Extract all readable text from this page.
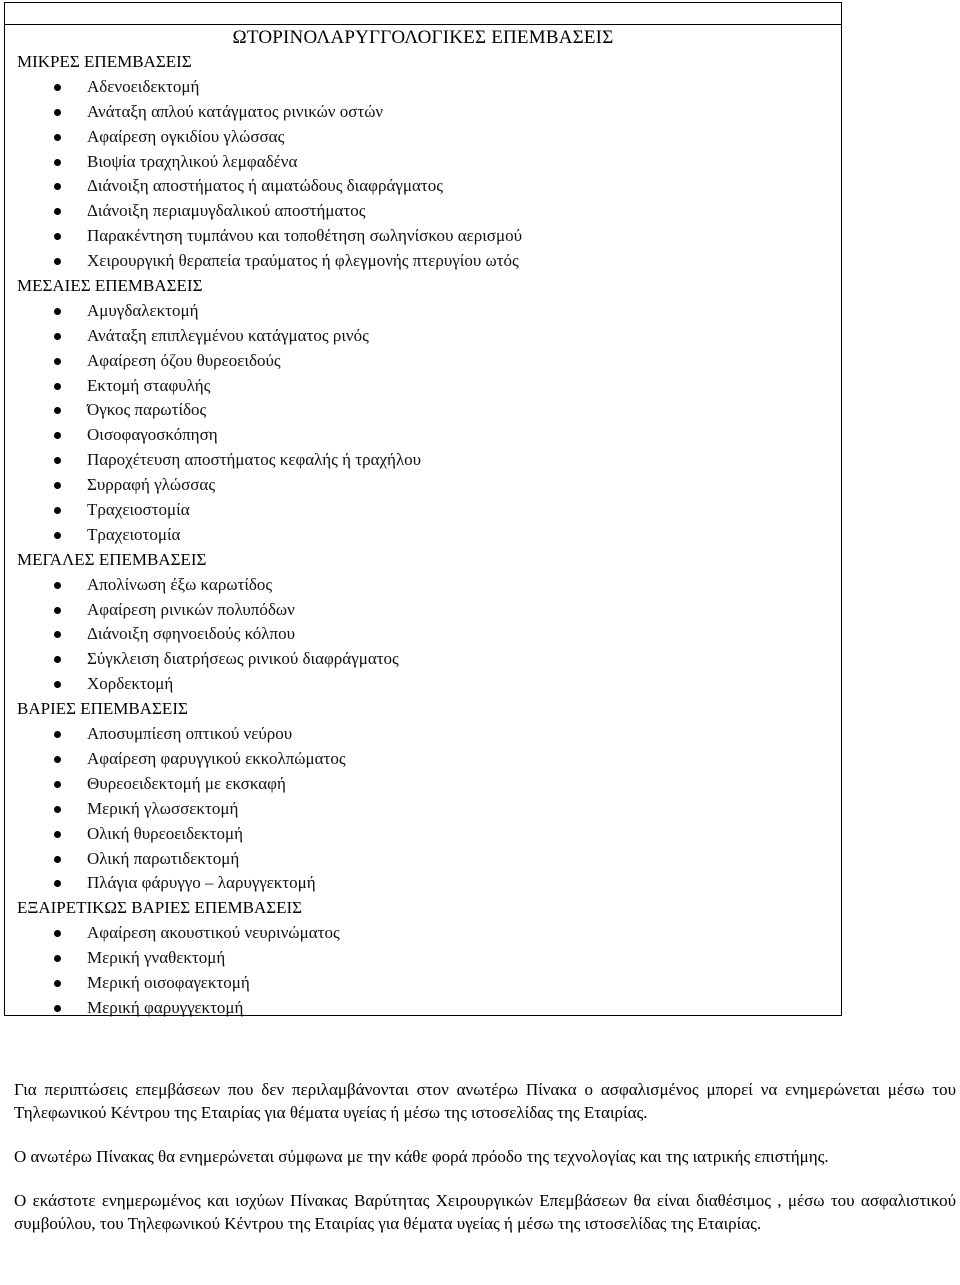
ΩΤΟΡΙΝΟΛΑΡΥΓΓΟΛΟΓΙΚΕΣ ΕΠΕΜΒΑΣΕΙΣ
ΜΙΚΡΕΣ ΕΠΕΜΒΑΣΕΙΣ
Αδενοειδεκτομή
Ανάταξη απλού κατάγματος ρινικών οστών
Αφαίρεση ογκιδίου γλώσσας
Βιοψία τραχηλικού λεμφαδένα
Διάνοιξη αποστήματος ή αιματώδους διαφράγματος
Διάνοιξη περιαμυγδαλικού αποστήματος
Παρακέντηση τυμπάνου και τοποθέτηση σωληνίσκου αερισμού
Χειρουργική θεραπεία τραύματος ή φλεγμονής πτερυγίου ωτός
ΜΕΣΑΙΕΣ ΕΠΕΜΒΑΣΕΙΣ
Αμυγδαλεκτομή
Ανάταξη επιπλεγμένου κατάγματος ρινός
Αφαίρεση όζου θυρεοειδούς
Εκτομή σταφυλής
Όγκος παρωτίδος
Οισοφαγοσκόπηση
Παροχέτευση αποστήματος κεφαλής ή τραχήλου
Συρραφή γλώσσας
Τραχειοστομία
Τραχειοτομία
ΜΕΓΑΛΕΣ ΕΠΕΜΒΑΣΕΙΣ
Απολίνωση έξω καρωτίδος
Αφαίρεση ρινικών πολυπόδων
Διάνοιξη σφηνοειδούς κόλπου
Σύγκλειση διατρήσεως ρινικού διαφράγματος
Χορδεκτομή
ΒΑΡΙΕΣ ΕΠΕΜΒΑΣΕΙΣ
Αποσυμπίεση οπτικού νεύρου
Αφαίρεση φαρυγγικού εκκολπώματος
Θυρεοειδεκτομή με εκσκαφή
Μερική γλωσσεκτομή
Ολική θυρεοειδεκτομή
Ολική παρωτιδεκτομή
Πλάγια φάρυγγο – λαρυγγεκτομή
ΕΞΑΙΡΕΤΙΚΩΣ ΒΑΡΙΕΣ ΕΠΕΜΒΑΣΕΙΣ
Αφαίρεση ακουστικού νευρινώματος
Μερική γναθεκτομή
Μερική οισοφαγεκτομή
Μερική φαρυγγεκτομή

Για περιπτώσεις επεμβάσεων που δεν περιλαμβάνονται στον ανωτέρω Πίνακα ο ασφαλισμένος μπορεί να ενημερώνεται μέσω του Τηλεφωνικού Κέντρου της Εταιρίας για θέματα υγείας ή μέσω της ιστοσελίδας της Εταιρίας.

Ο ανωτέρω Πίνακας θα ενημερώνεται σύμφωνα με την κάθε φορά πρόοδο της τεχνολογίας και της ιατρικής επιστήμης.

Ο εκάστοτε ενημερωμένος και ισχύων Πίνακας Βαρύτητας Χειρουργικών Επεμβάσεων θα είναι διαθέσιμος , μέσω του ασφαλιστικού συμβούλου, του Τηλεφωνικού Κέντρου της Εταιρίας για θέματα υγείας ή μέσω της ιστοσελίδας της Εταιρίας.
